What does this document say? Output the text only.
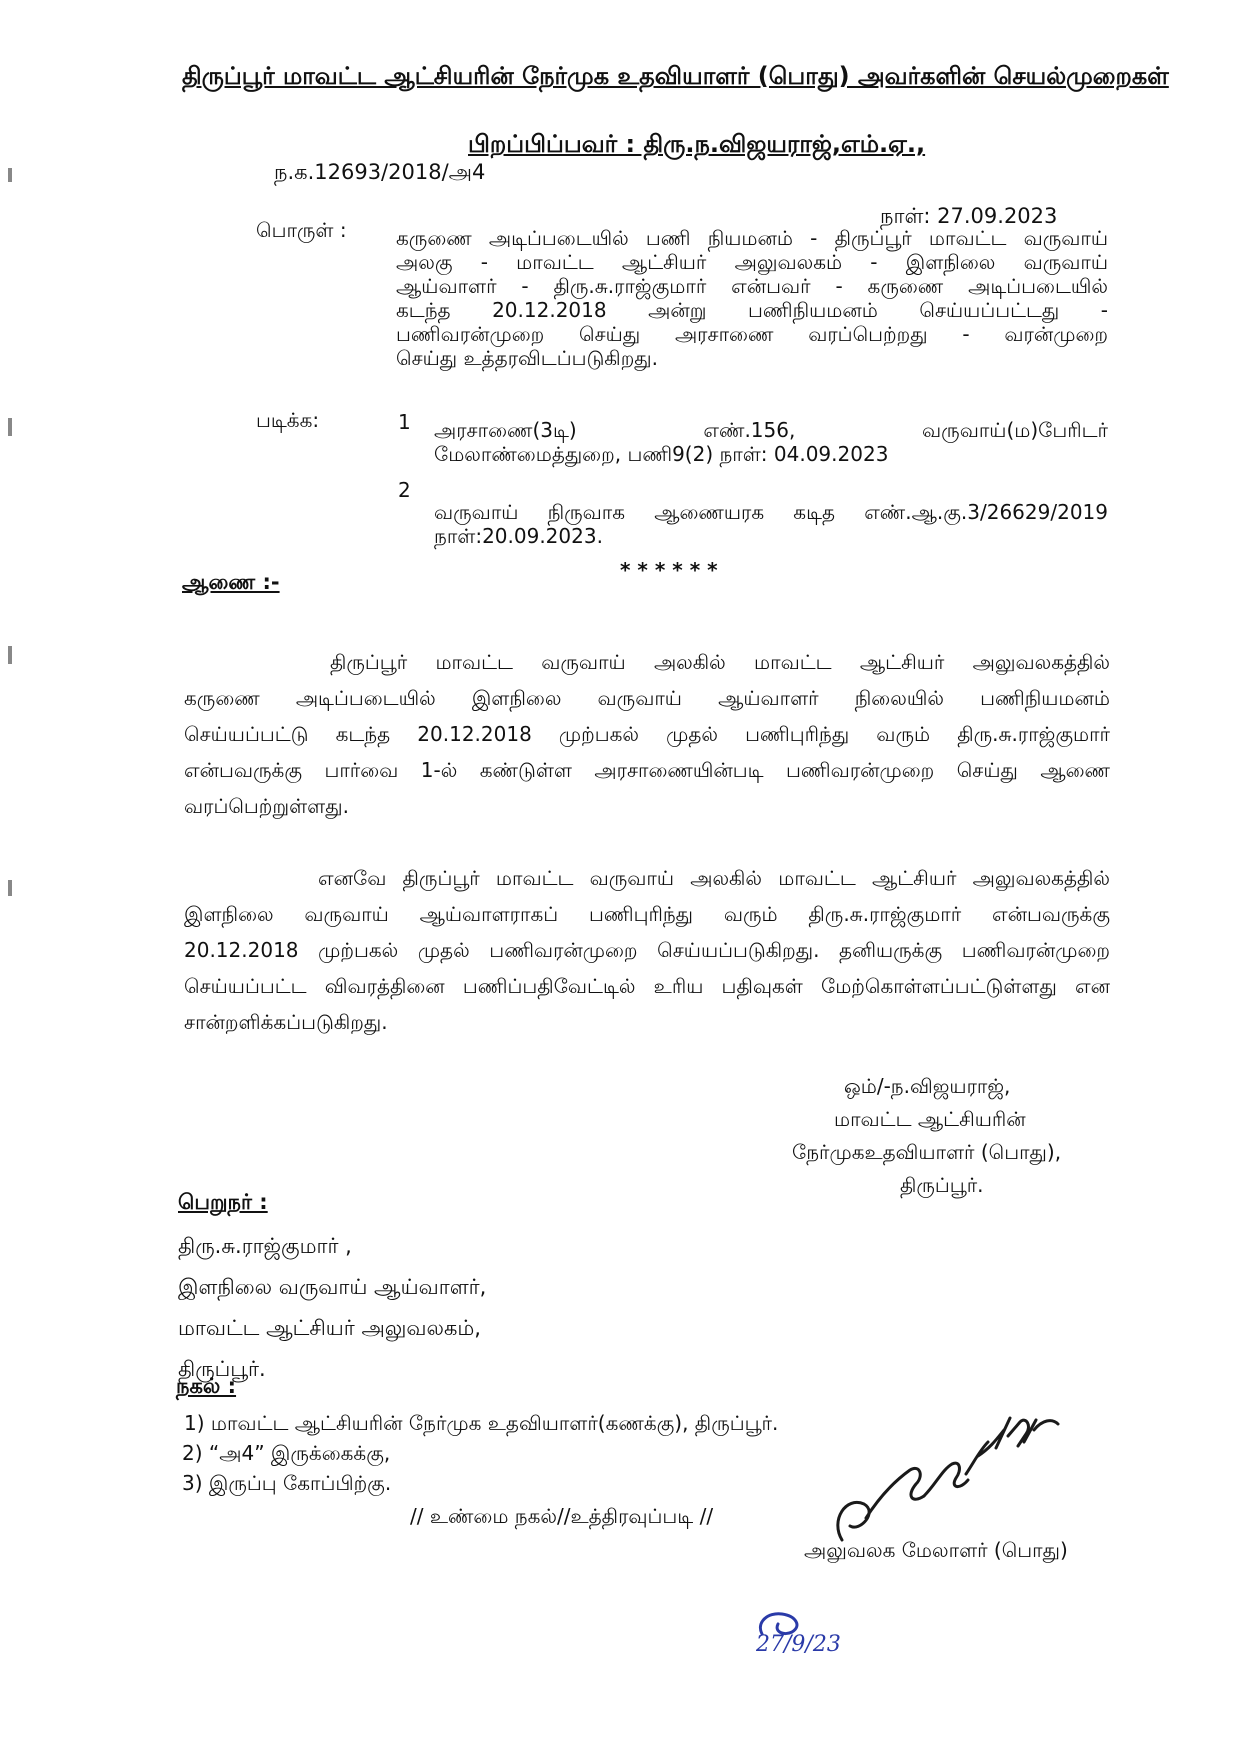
திருப்பூர் மாவட்ட ஆட்சியரின் நேர்முக உதவியாளர் (பொது) அவர்களின் செயல்முறைகள்
பிறப்பிப்பவர் : திரு.ந.விஜயராஜ்,எம்.ஏ.,
ந.க.12693/2018/அ4
நாள்: 27.09.2023
பொருள் : கருணை அடிப்படையில் பணி நியமனம் - திருப்பூர் மாவட்ட வருவாய்
அலகு - மாவட்ட ஆட்சியர் அலுவலகம் - இளநிலை வருவாய்
ஆய்வாளர் - திரு.சு.ராஜ்குமார் என்பவர் - கருணை அடிப்படையில்
கடந்த 20.12.2018 அன்று பணிநியமனம் செய்யப்பட்டது -
பணிவரன்முறை செய்து அரசாணை வரப்பெற்றது - வரன்முறை
செய்து உத்தரவிடப்படுகிறது.
படிக்க:	1 அரசாணை(3டி) எண்.156, வருவாய்(ம)பேரிடர்
மேலாண்மைத்துறை, பணி9(2) நாள்: 04.09.2023
2
வருவாய் நிருவாக ஆணையரக கடித எண்.ஆ.கு.3/26629/2019
நாள்:20.09.2023.
* * * * * *
ஆணை :-
திருப்பூர் மாவட்ட வருவாய் அலகில் மாவட்ட ஆட்சியர் அலுவலகத்தில்
கருணை அடிப்படையில் இளநிலை வருவாய் ஆய்வாளர் நிலையில் பணிநியமனம்
செய்யப்பட்டு கடந்த 20.12.2018 முற்பகல் முதல் பணிபுரிந்து வரும் திரு.சு.ராஜ்குமார்
என்பவருக்கு பார்வை 1-ல் கண்டுள்ள அரசாணையின்படி பணிவரன்முறை செய்து ஆணை
வரப்பெற்றுள்ளது.
எனவே திருப்பூர் மாவட்ட வருவாய் அலகில் மாவட்ட ஆட்சியர் அலுவலகத்தில்
இளநிலை வருவாய் ஆய்வாளராகப் பணிபுரிந்து வரும் திரு.சு.ராஜ்குமார் என்பவருக்கு
20.12.2018 முற்பகல் முதல் பணிவரன்முறை செய்யப்படுகிறது. தனியருக்கு பணிவரன்முறை
செய்யப்பட்ட விவரத்தினை பணிப்பதிவேட்டில் உரிய பதிவுகள் மேற்கொள்ளப்பட்டுள்ளது என
சான்றளிக்கப்படுகிறது.
ஒம்/-ந.விஜயராஜ்,
மாவட்ட ஆட்சியரின்
நேர்முகஉதவியாளர் (பொது),
திருப்பூர்.
பெறுநர் :
திரு.சு.ராஜ்குமார் ,
இளநிலை வருவாய் ஆய்வாளர்,
மாவட்ட ஆட்சியர் அலுவலகம்,
திருப்பூர்.
நகல் :
1) மாவட்ட ஆட்சியரின் நேர்முக உதவியாளர்(கணக்கு), திருப்பூர்.
2) “அ4” இருக்கைக்கு,
3) இருப்பு கோப்பிற்கு.
// உண்மை நகல்//உத்திரவுப்படி //
அலுவலக மேலாளர் (பொது)
27/9/23
